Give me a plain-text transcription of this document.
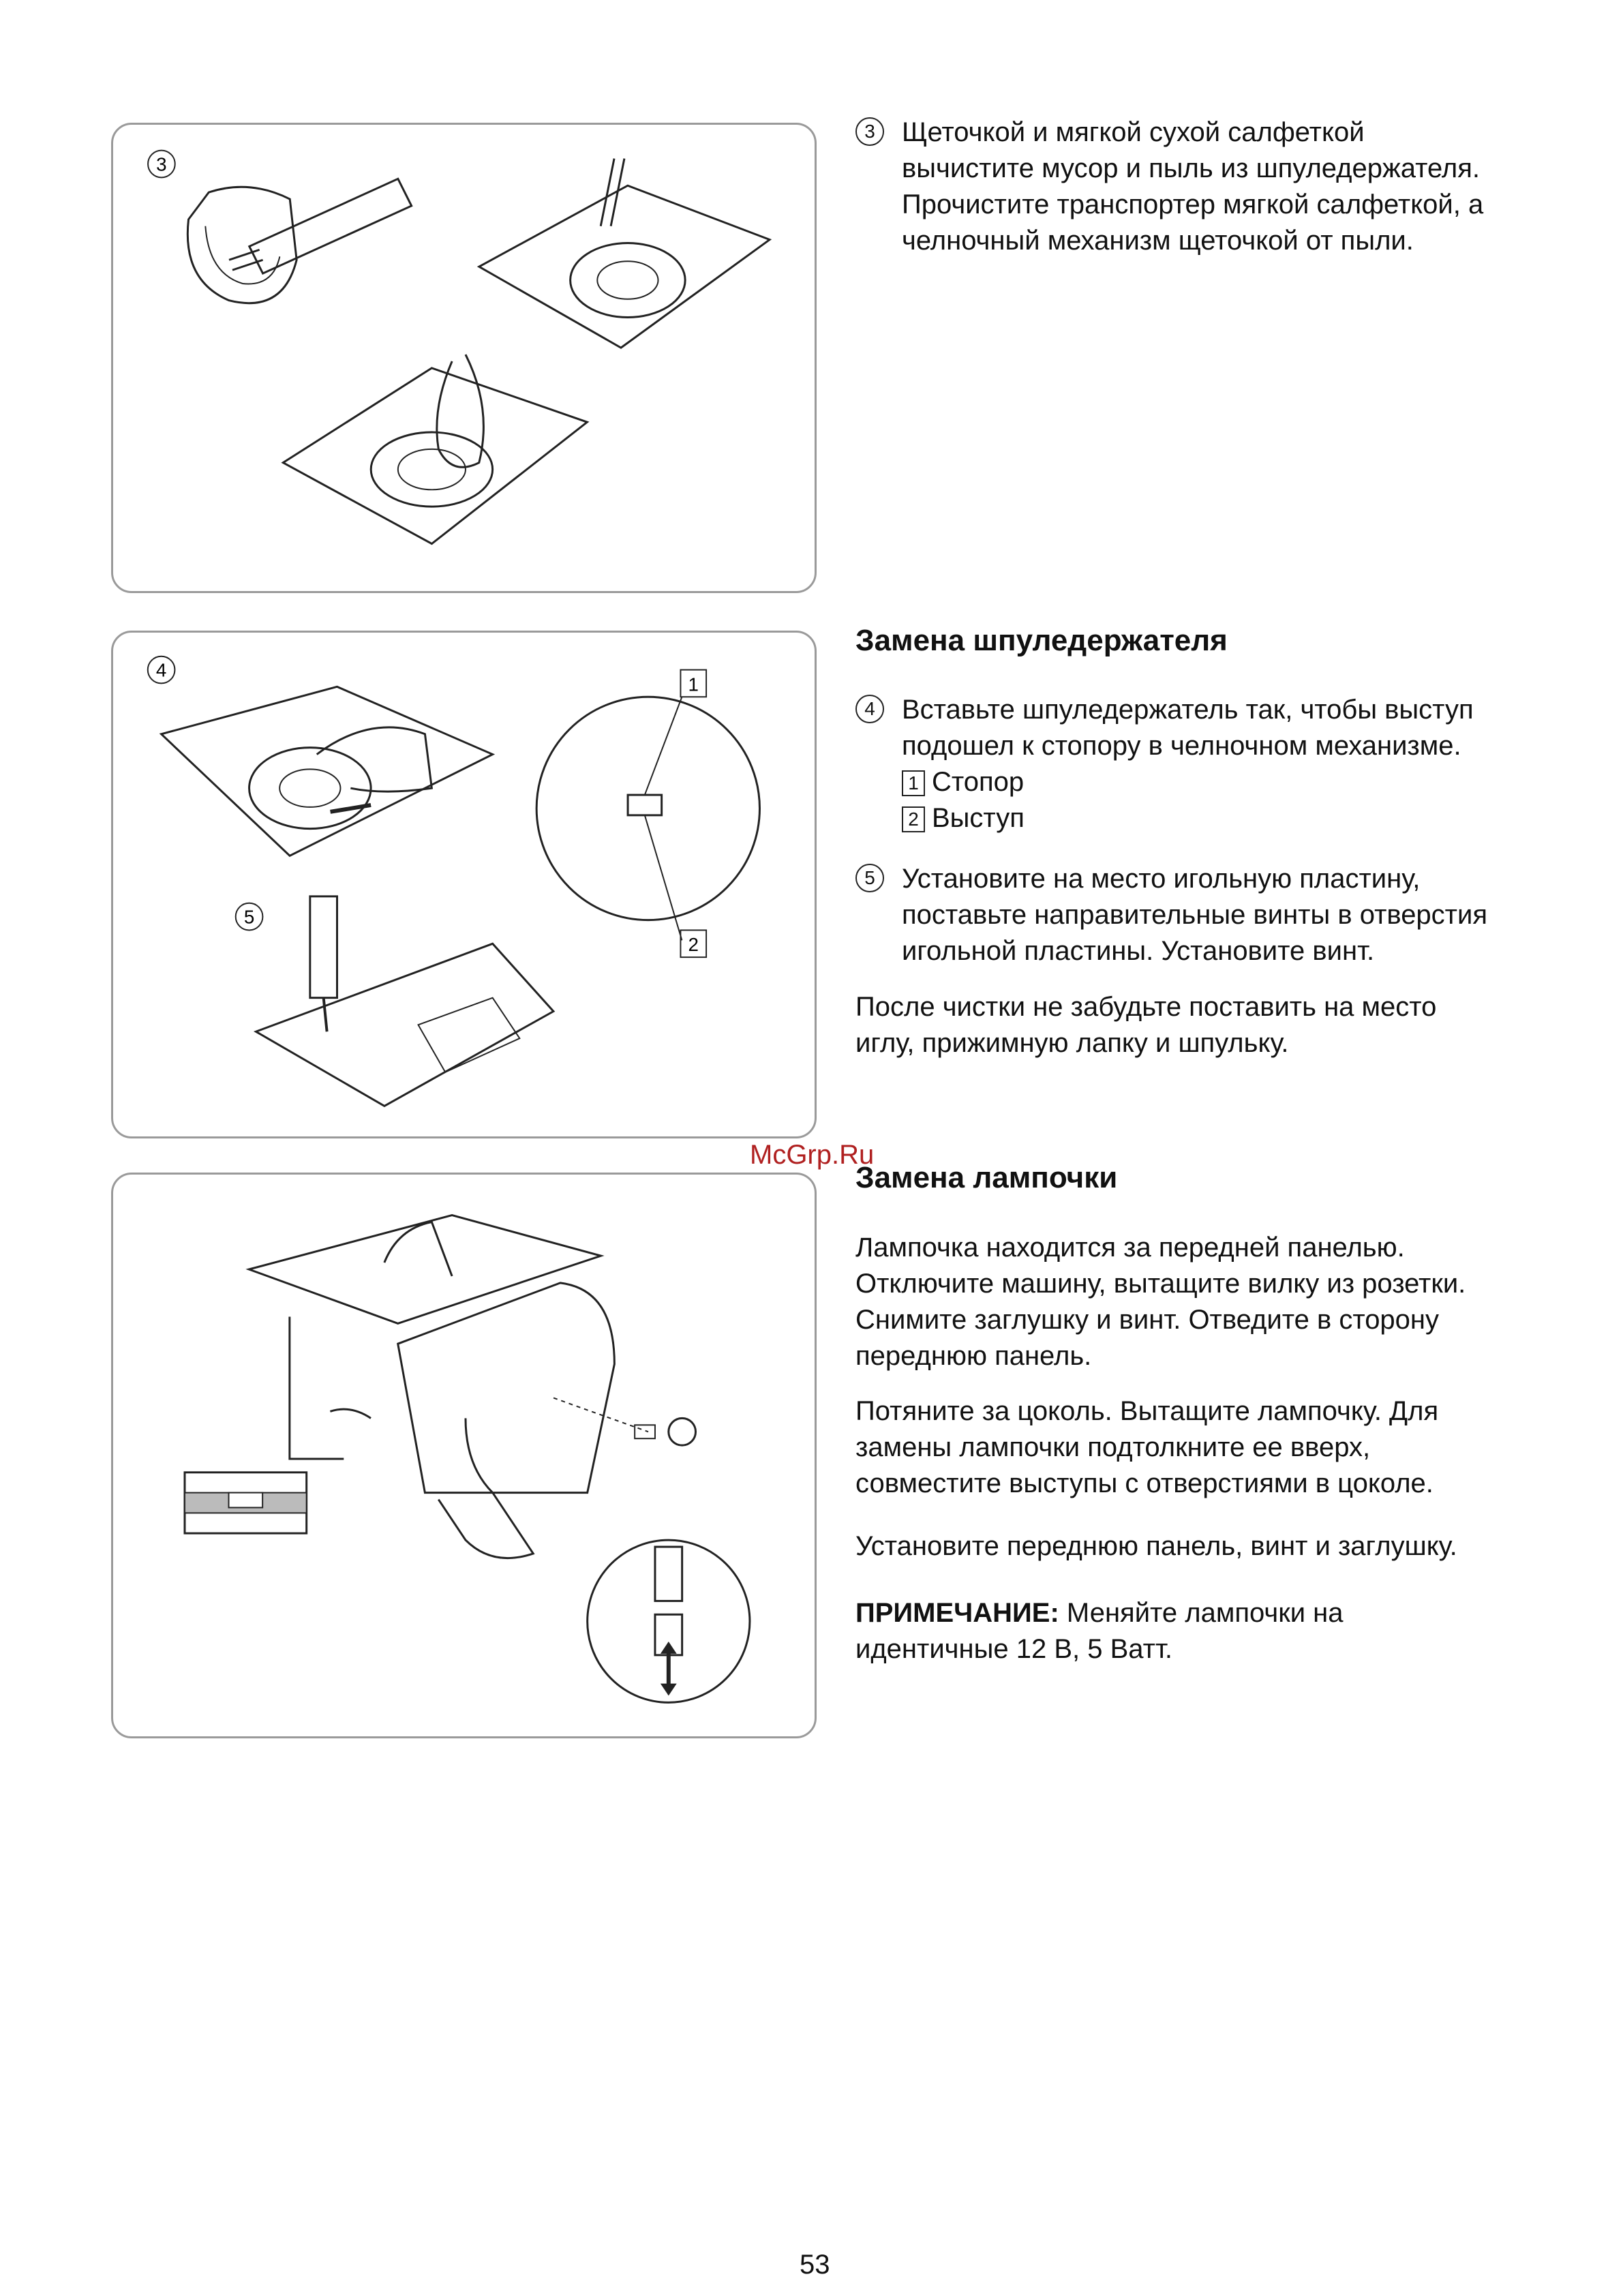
3
4
1
2
5
3 Щеточкой и мягкой сухой салфеткой
вычистите мусор и пыль из шпуледержателя.
Прочистите транспортер мягкой салфеткой, а
челночный механизм щеточкой от пыли.
Замена шпуледержателя
4 Вставьте шпуледержатель так, чтобы выступ
подошел к стопору в челночном механизме.
1 Стопор
2 Выступ
5 Установите на место игольную пластину,
поставьте направительные винты в отверстия
игольной пластины. Установите винт.
После чистки не забудьте поставить на место
иглу, прижимную лапку и шпульку.
McGrp.Ru
Замена лампочки
Лампочка находится за передней панелью.
Отключите машину, вытащите вилку из розетки.
Снимите заглушку и винт. Отведите в сторону
переднюю панель.
Потяните за цоколь. Вытащите лампочку. Для
замены лампочки подтолкните ее вверх,
совместите выступы с отверстиями в цоколе.
Установите переднюю панель, винт и заглушку.
ПРИМЕЧАНИЕ: Меняйте лампочки на
идентичные 12 В, 5 Ватт.
53
